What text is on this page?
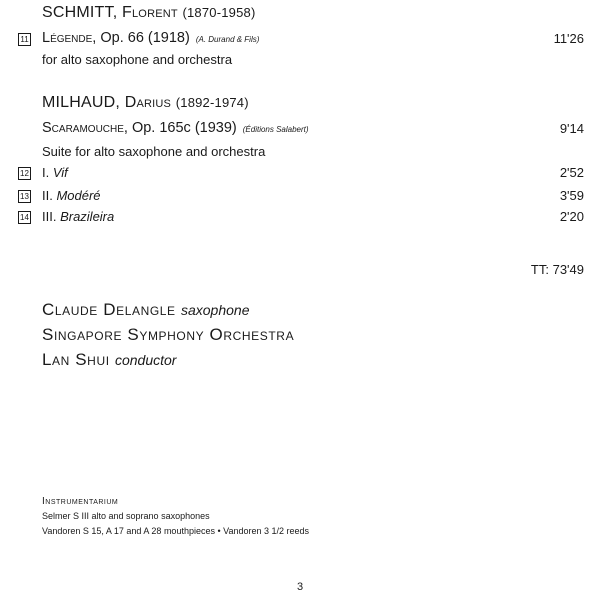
SCHMITT, Florent (1870-1958)
11 Légende, Op. 66 (1918) (A. Durand & Fils)	11'26
for alto saxophone and orchestra
MILHAUD, Darius (1892-1974)
Scaramouche, Op. 165c (1939) (Éditions Salabert)	9'14
Suite for alto saxophone and orchestra
12 I. Vif	2'52
13 II. Modéré	3'59
14 III. Brazileira	2'20
TT: 73'49
Claude Delangle saxophone
Singapore Symphony Orchestra
Lan Shui conductor
Instrumentarium
Selmer S III alto and soprano saxophones
Vandoren S 15, A 17 and A 28 mouthpieces • Vandoren 3 1/2 reeds
3
